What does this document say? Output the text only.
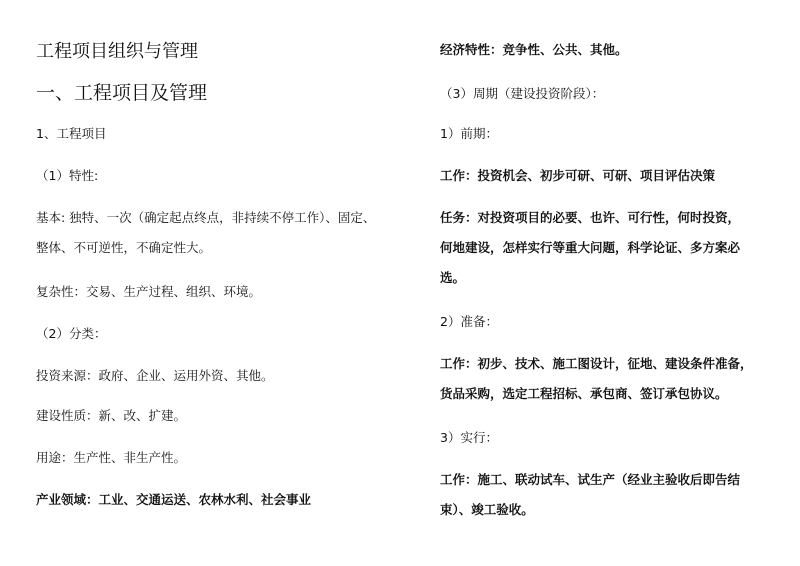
工程项目组织与管理
一、工程项目及管理
1、工程项目
（1）特性:
基本: 独特、一次（确定起点终点，非持续不停工作）、固定、
整体、不可逆性，不确定性大。
复杂性：交易、生产过程、组织、环境。
（2）分类：
投资来源：政府、企业、运用外资、其他。
建设性质：新、改、扩建。
用途：生产性、非生产性。
产业领域：工业、交通运送、农林水利、社会事业
经济特性：竞争性、公共、其他。
（3）周期（建设投资阶段）：
1）前期：
工作：投资机会、初步可研、可研、项目评估决策
任务：对投资项目的必要、也许、可行性，何时投资，
何地建设，怎样实行等重大问题，科学论证、多方案必
选。
2）准备：
工作：初步、技术、施工图设计，征地、建设条件准备，
货品采购，选定工程招标、承包商、签订承包协议。
3）实行：
工作：施工、联动试车、试生产（经业主验收后即告结
束）、竣工验收。
